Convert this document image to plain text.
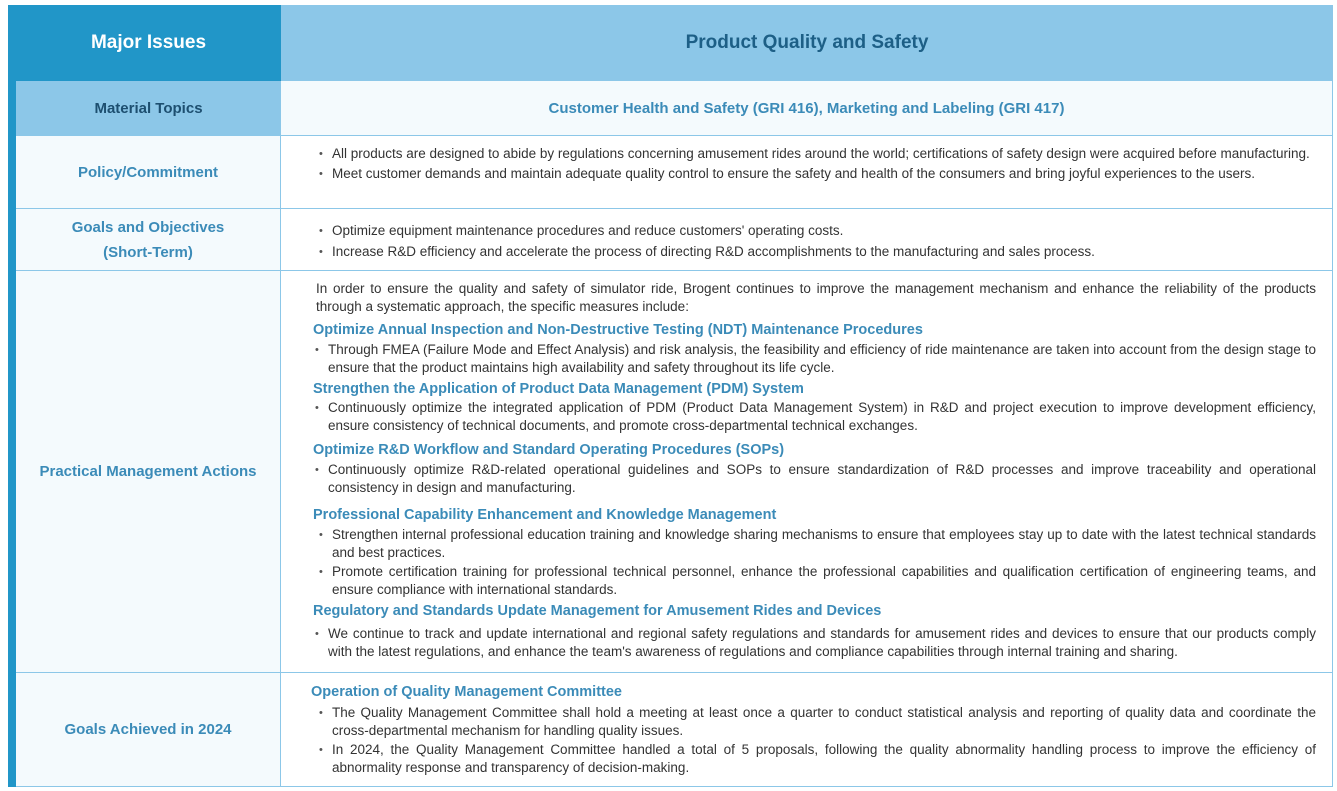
Major Issues	Product Quality and Safety
Material Topics	Customer Health and Safety (GRI 416), Marketing and Labeling (GRI 417)
Policy/Commitment
• All products are designed to abide by regulations concerning amusement rides around the world; certifications of safety design were acquired before manufacturing.
• Meet customer demands and maintain adequate quality control to ensure the safety and health of the consumers and bring joyful experiences to the users.
Goals and Objectives
(Short-Term)
• Optimize equipment maintenance procedures and reduce customers' operating costs.
• Increase R&D efficiency and accelerate the process of directing R&D accomplishments to the manufacturing and sales process.
Practical Management Actions
In order to ensure the quality and safety of simulator ride, Brogent continues to improve the management mechanism and enhance the reliability of the products through a systematic approach, the specific measures include:
Optimize Annual Inspection and Non-Destructive Testing (NDT) Maintenance Procedures
• Through FMEA (Failure Mode and Effect Analysis) and risk analysis, the feasibility and efficiency of ride maintenance are taken into account from the design stage to ensure that the product maintains high availability and safety throughout its life cycle.
Strengthen the Application of Product Data Management (PDM) System
• Continuously optimize the integrated application of PDM (Product Data Management System) in R&D and project execution to improve development efficiency, ensure consistency of technical documents, and promote cross-departmental technical exchanges.
Optimize R&D Workflow and Standard Operating Procedures (SOPs)
• Continuously optimize R&D-related operational guidelines and SOPs to ensure standardization of R&D processes and improve traceability and operational consistency in design and manufacturing.
Professional Capability Enhancement and Knowledge Management
• Strengthen internal professional education training and knowledge sharing mechanisms to ensure that employees stay up to date with the latest technical standards and best practices.
• Promote certification training for professional technical personnel, enhance the professional capabilities and qualification certification of engineering teams, and ensure compliance with international standards.
Regulatory and Standards Update Management for Amusement Rides and Devices
• We continue to track and update international and regional safety regulations and standards for amusement rides and devices to ensure that our products comply with the latest regulations, and enhance the team's awareness of regulations and compliance capabilities through internal training and sharing.
Goals Achieved in 2024
Operation of Quality Management Committee
• The Quality Management Committee shall hold a meeting at least once a quarter to conduct statistical analysis and reporting of quality data and coordinate the cross-departmental mechanism for handling quality issues.
• In 2024, the Quality Management Committee handled a total of 5 proposals, following the quality abnormality handling process to improve the efficiency of abnormality response and transparency of decision-making.
